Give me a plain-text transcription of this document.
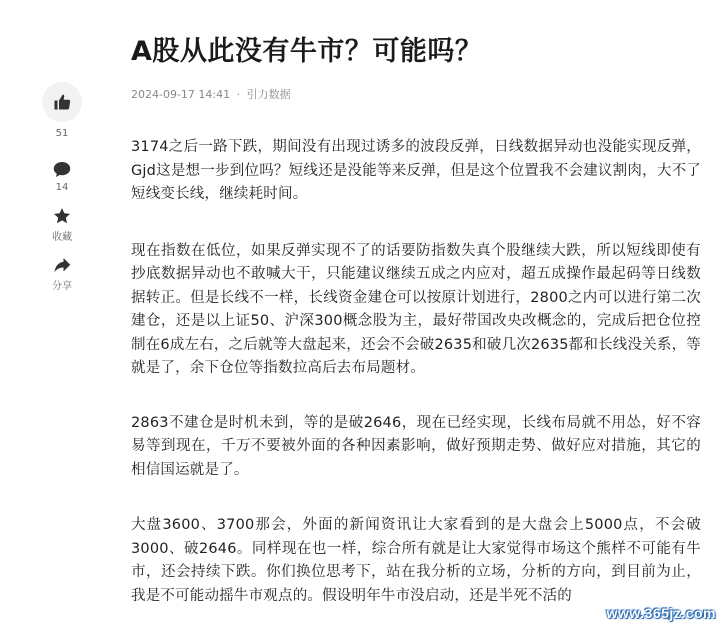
51
14
收藏
分享
A股从此没有牛市？可能吗？
2024-09-17 14:41 · 引力数据

3174之后一路下跌，期间没有出现过诱多的波段反弹，日线数据异动也没能实现反弹，Gjd这是想一步到位吗？短线还是没能等来反弹，但是这个位置我不会建议割肉，大不了短线变长线，继续耗时间。

现在指数在低位，如果反弹实现不了的话要防指数失真个股继续大跌，所以短线即使有抄底数据异动也不敢喊大干，只能建议继续五成之内应对，超五成操作最起码等日线数据转正。但是长线不一样，长线资金建仓可以按原计划进行，2800之内可以进行第二次建仓，还是以上证50、沪深300概念股为主，最好带国改央改概念的，完成后把仓位控制在6成左右，之后就等大盘起来，还会不会破2635和破几次2635都和长线没关系，等就是了，余下仓位等指数拉高后去布局题材。

2863不建仓是时机未到，等的是破2646，现在已经实现，长线布局就不用怂，好不容易等到现在，千万不要被外面的各种因素影响，做好预期走势、做好应对措施，其它的相信国运就是了。

大盘3600、3700那会，外面的新闻资讯让大家看到的是大盘会上5000点，不会破3000、破2646。同样现在也一样，综合所有就是让大家觉得市场这个熊样不可能有牛市，还会持续下跌。你们换位思考下，站在我分析的立场，分析的方向，到目前为止，我是不可能动摇牛市观点的。假设明年牛市没启动，还是半死不活的

www.365jz.com
